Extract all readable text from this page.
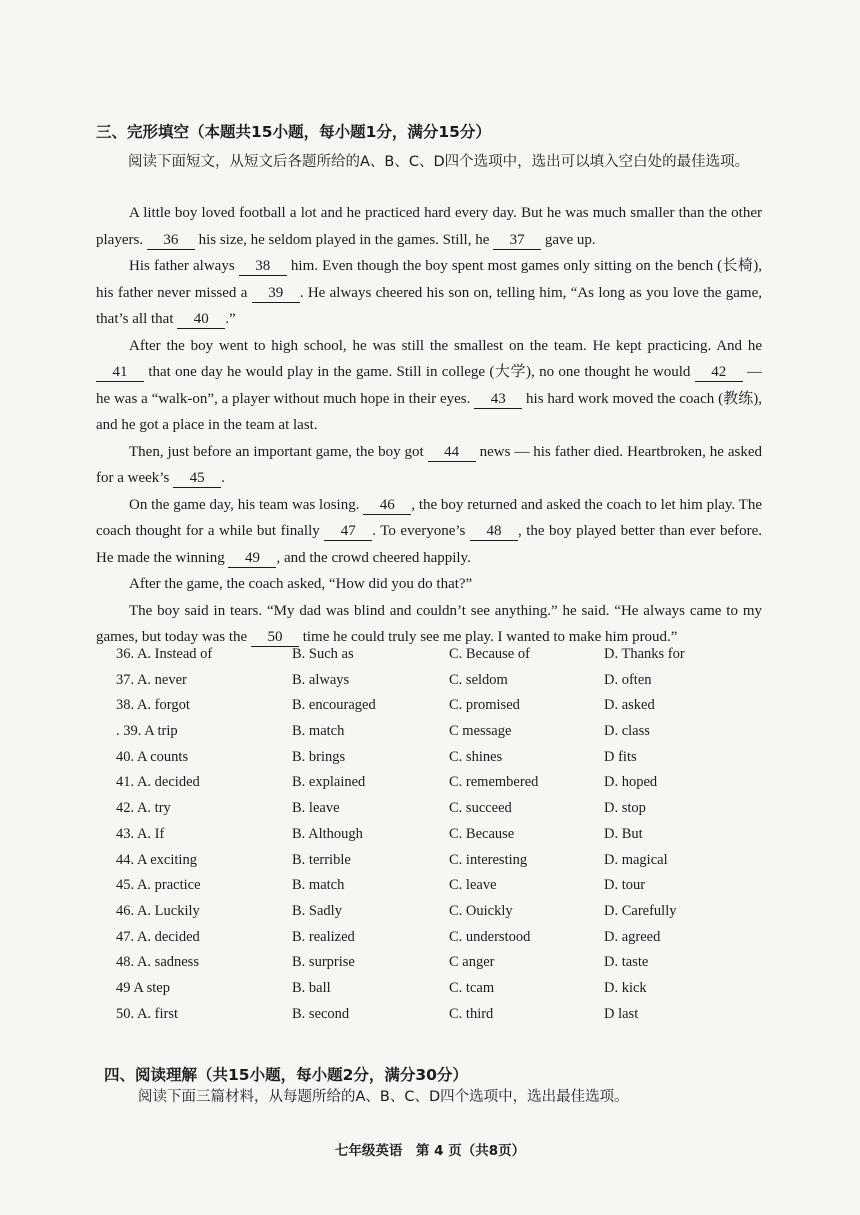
三、完形填空（本题共15小题，每小题1分，满分15分）
阅读下面短文，从短文后各题所给的A、B、C、D四个选项中，选出可以填入空白处的最佳选项。

A little boy loved football a lot and he practiced hard every day. But he was much smaller than the other players. 36 his size, he seldom played in the games. Still, he 37 gave up.

His father always 38 him. Even though the boy spent most games only sitting on the bench (长椅), his father never missed a 39 . He always cheered his son on, telling him, “As long as you love the game, that’s all that 40 .”

After the boy went to high school, he was still the smallest on the team. He kept practicing. And he 41 that one day he would play in the game. Still in college (大学), no one thought he would 42 — he was a “walk-on”, a player without much hope in their eyes. 43 his hard work moved the coach (教练), and he got a place in the team at last.

Then, just before an important game, the boy got 44 news — his father died. Heartbroken, he asked for a week’s 45 .

On the game day, his team was losing. 46 , the boy returned and asked the coach to let him play. The coach thought for a while but finally 47 . To everyone’s 48 , the boy played better than ever before. He made the winning 49 , and the crowd cheered happily.

After the game, the coach asked, “How did you do that?”

The boy said in tears. “My dad was blind and couldn’t see anything.” he said. “He always came to my games, but today was the 50 time he could truly see me play. I wanted to make him proud.”

36. A. Instead of	B. Such as	C. Because of	D. Thanks for
37. A. never	B. always	C. seldom	D. often
38. A. forgot	B. encouraged	C. promised	D. asked
. 39. A trip	B. match	C message	D. class
40. A counts	B. brings	C. shines	D fits
41. A. decided	B. explained	C. remembered	D. hoped
42. A. try	B. leave	C. succeed	D. stop
43. A. If	B. Although	C. Because	D. But
44. A exciting	B. terrible	C. interesting	D. magical
45. A. practice	B. match	C. leave	D. tour
46. A. Luckily	B. Sadly	C. Ouickly	D. Carefully
47. A. decided	B. realized	C. understood	D. agreed
48. A. sadness	B. surprise	C anger	D. taste
49 A step	B. ball	C. tcam	D. kick
50. A. first	B. second	C. third	D last
四、阅读理解（共15小题，每小题2分，满分30分）
阅读下面三篇材料，从每题所给的A、B、C、D四个选项中，选出最佳选项。
七年级英语　第 4 页（共8页）
